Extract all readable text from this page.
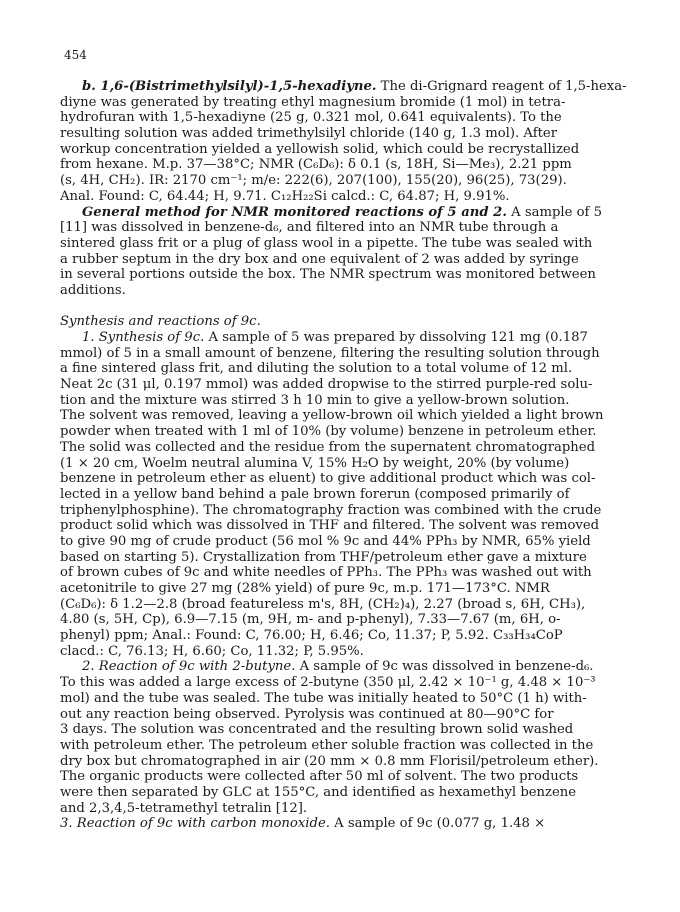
454
b. 1,6-(Bistrimethylsilyl)-1,5-hexadiyne. The di-Grignard reagent of 1,5-hexa-
diyne was generated by treating ethyl magnesium bromide (1 mol) in tetra-
hydrofuran with 1,5-hexadiyne (25 g, 0.321 mol, 0.641 equivalents). To the
resulting solution was added trimethylsilyl chloride (140 g, 1.3 mol). After
workup concentration yielded a yellowish solid, which could be recrystallized
from hexane. M.p. 37—38°C; NMR (C₆D₆): δ 0.1 (s, 18H, Si—Me₃), 2.21 ppm
(s, 4H, CH₂). IR: 2170 cm⁻¹; m/e: 222(6), 207(100), 155(20), 96(25), 73(29).
Anal. Found: C, 64.44; H, 9.71. C₁₂H₂₂Si calcd.: C, 64.87; H, 9.91%.
General method for NMR monitored reactions of 5 and 2. A sample of 5
[11] was dissolved in benzene-d₆, and filtered into an NMR tube through a
sintered glass frit or a plug of glass wool in a pipette. The tube was sealed with
a rubber septum in the dry box and one equivalent of 2 was added by syringe
in several portions outside the box. The NMR spectrum was monitored between
additions.
Synthesis and reactions of 9c.
1. Synthesis of 9c. A sample of 5 was prepared by dissolving 121 mg (0.187
mmol) of 5 in a small amount of benzene, filtering the resulting solution through
a fine sintered glass frit, and diluting the solution to a total volume of 12 ml.
Neat 2c (31 μl, 0.197 mmol) was added dropwise to the stirred purple-red solu-
tion and the mixture was stirred 3 h 10 min to give a yellow-brown solution.
The solvent was removed, leaving a yellow-brown oil which yielded a light brown
powder when treated with 1 ml of 10% (by volume) benzene in petroleum ether.
The solid was collected and the residue from the supernatent chromatographed
(1 × 20 cm, Woelm neutral alumina V, 15% H₂O by weight, 20% (by volume)
benzene in petroleum ether as eluent) to give additional product which was col-
lected in a yellow band behind a pale brown forerun (composed primarily of
triphenylphosphine). The chromatography fraction was combined with the crude
product solid which was dissolved in THF and filtered. The solvent was removed
to give 90 mg of crude product (56 mol % 9c and 44% PPh₃ by NMR, 65% yield
based on starting 5). Crystallization from THF/petroleum ether gave a mixture
of brown cubes of 9c and white needles of PPh₃. The PPh₃ was washed out with
acetonitrile to give 27 mg (28% yield) of pure 9c, m.p. 171—173°C. NMR
(C₆D₆): δ 1.2—2.8 (broad featureless m's, 8H, (CH₂)₄), 2.27 (broad s, 6H, CH₃),
4.80 (s, 5H, Cp), 6.9—7.15 (m, 9H, m- and p-phenyl), 7.33—7.67 (m, 6H, o-
phenyl) ppm; Anal.: Found: C, 76.00; H, 6.46; Co, 11.37; P, 5.92. C₃₃H₃₄CoP
clacd.: C, 76.13; H, 6.60; Co, 11.32; P, 5.95%.
2. Reaction of 9c with 2-butyne. A sample of 9c was dissolved in benzene-d₆.
To this was added a large excess of 2-butyne (350 μl, 2.42 × 10⁻¹ g, 4.48 × 10⁻³
mol) and the tube was sealed. The tube was initially heated to 50°C (1 h) with-
out any reaction being observed. Pyrolysis was continued at 80—90°C for
3 days. The solution was concentrated and the resulting brown solid washed
with petroleum ether. The petroleum ether soluble fraction was collected in the
dry box but chromatographed in air (20 mm × 0.8 mm Florisil/petroleum ether).
The organic products were collected after 50 ml of solvent. The two products
were then separated by GLC at 155°C, and identified as hexamethyl benzene
and 2,3,4,5-tetramethyl tetralin [12].
3. Reaction of 9c with carbon monoxide. A sample of 9c (0.077 g, 1.48 ×
